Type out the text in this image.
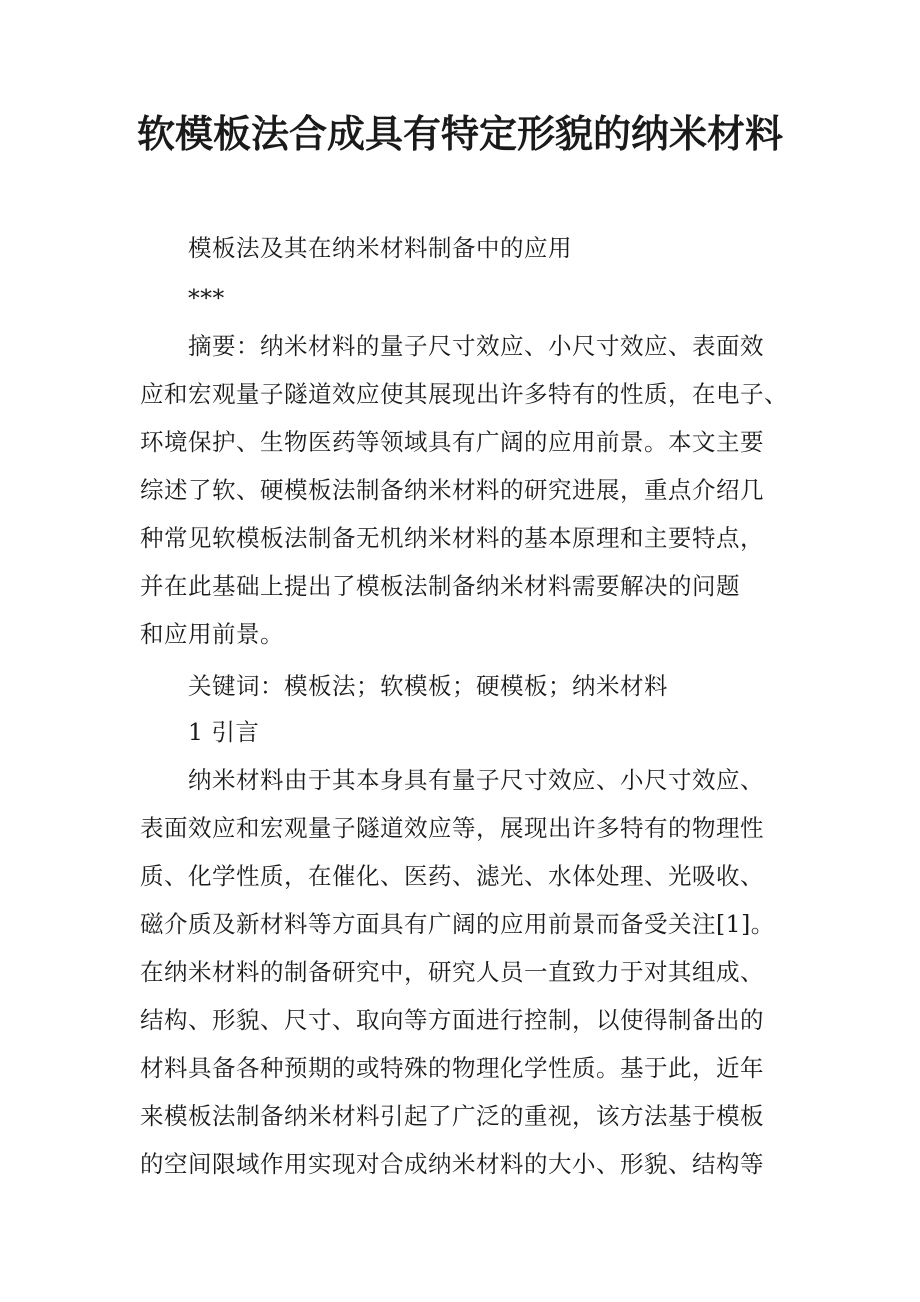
软模板法合成具有特定形貌的纳米材料
模板法及其在纳米材料制备中的应用
***
摘要：纳米材料的量子尺寸效应、小尺寸效应、表面效
应和宏观量子隧道效应使其展现出许多特有的性质，在电子、
环境保护、生物医药等领域具有广阔的应用前景。本文主要
综述了软、硬模板法制备纳米材料的研究进展，重点介绍几
种常见软模板法制备无机纳米材料的基本原理和主要特点，
并在此基础上提出了模板法制备纳米材料需要解决的问题
和应用前景。
关键词：模板法；软模板；硬模板；纳米材料
1 引言
纳米材料由于其本身具有量子尺寸效应、小尺寸效应、
表面效应和宏观量子隧道效应等，展现出许多特有的物理性
质、化学性质，在催化、医药、滤光、水体处理、光吸收、
磁介质及新材料等方面具有广阔的应用前景而备受关注[1]。
在纳米材料的制备研究中，研究人员一直致力于对其组成、
结构、形貌、尺寸、取向等方面进行控制，以使得制备出的
材料具备各种预期的或特殊的物理化学性质。基于此，近年
来模板法制备纳米材料引起了广泛的重视，该方法基于模板
的空间限域作用实现对合成纳米材料的大小、形貌、结构等
